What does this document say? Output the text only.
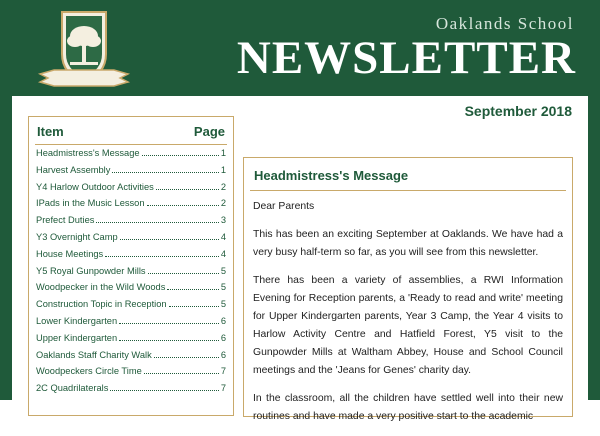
Oaklands School
NEWSLETTER
September 2018
Item	Page
Headmistress's Message	1
Harvest Assembly	1
Y4 Harlow Outdoor Activities	2
IPads in the Music Lesson	2
Prefect Duties	3
Y3 Overnight Camp	4
House Meetings	4
Y5 Royal Gunpowder Mills	5
Woodpecker in the Wild Woods	5
Construction Topic in Reception	5
Lower Kindergarten	6
Upper Kindergarten	6
Oaklands Staff Charity Walk	6
Woodpeckers Circle Time	7
2C Quadrilaterals	7
Headmistress's Message

Dear Parents

This has been an exciting September at Oaklands. We have had a very busy half-term so far, as you will see from this newsletter.

There has been a variety of assemblies, a RWI Information Evening for Reception parents, a 'Ready to read and write' meeting for Upper Kindergarten parents, Year 3 Camp, the Year 4 visits to Harlow Activity Centre and Hatfield Forest, Y5 visit to the Gunpowder Mills at Waltham Abbey, House and School Council meetings and the 'Jeans for Genes' charity day.

In the classroom, all the children have settled well into their new routines and have made a very positive start to the academic
